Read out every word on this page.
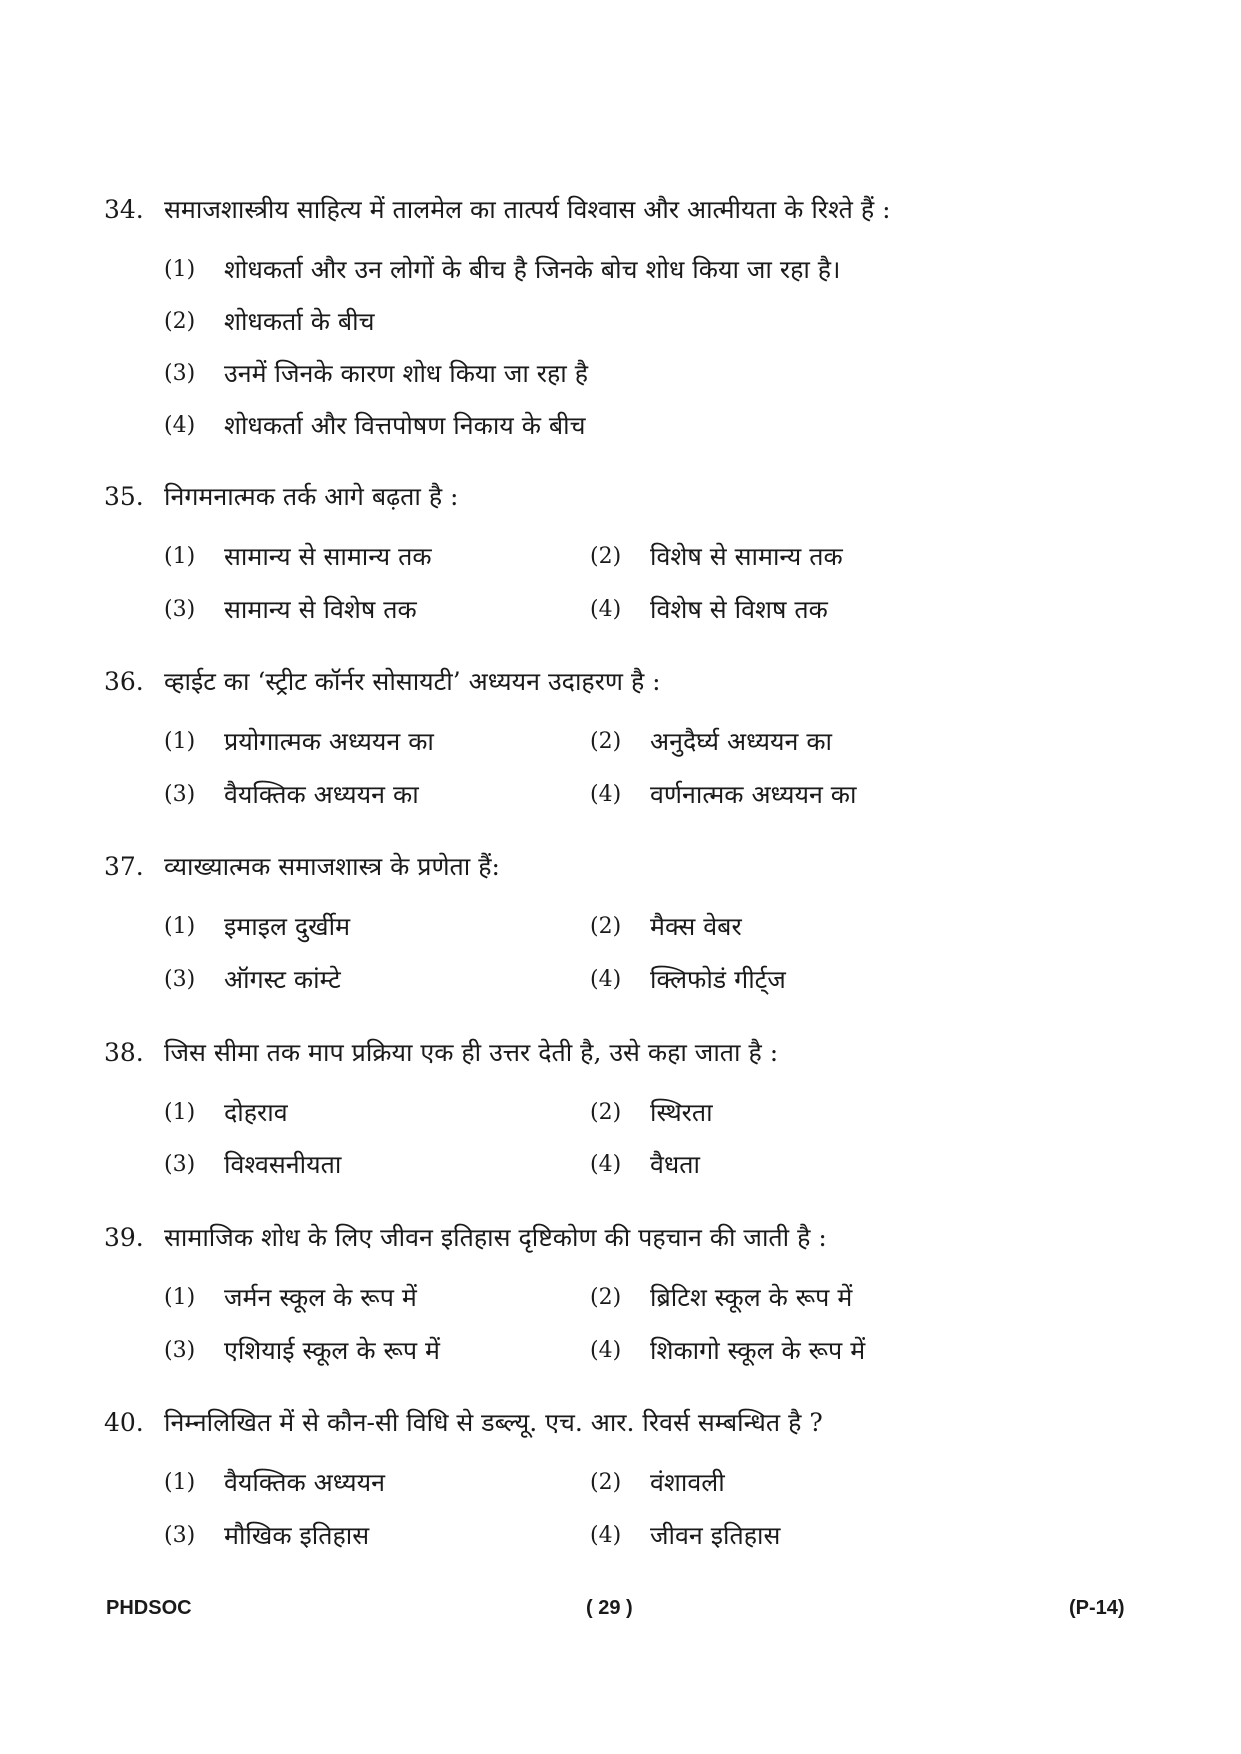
34. समाजशास्त्रीय साहित्य में तालमेल का तात्पर्य विश्वास और आत्मीयता के रिश्ते हैं :
(1) शोधकर्ता और उन लोगों के बीच है जिनके बोच शोध किया जा रहा है।
(2) शोधकर्ता के बीच
(3) उनमें जिनके कारण शोध किया जा रहा है
(4) शोधकर्ता और वित्तपोषण निकाय के बीच
35. निगमनात्मक तर्क आगे बढ़ता है :
(1) सामान्य से सामान्य तक	(2) विशेष से सामान्य तक
(3) सामान्य से विशेष तक	(4) विशेष से विशष तक
36. व्हाईट का ‘स्ट्रीट कॉर्नर सोसायटी’ अध्ययन उदाहरण है :
(1) प्रयोगात्मक अध्ययन का	(2) अनुदैर्घ्य अध्ययन का
(3) वैयक्तिक अध्ययन का	(4) वर्णनात्मक अध्ययन का
37. व्याख्यात्मक समाजशास्त्र के प्रणेता हैं:
(1) इमाइल दुर्खीम	(2) मैक्स वेबर
(3) ऑगस्ट कांम्टे	(4) क्लिफोडं गीर्ट्ज
38. जिस सीमा तक माप प्रक्रिया एक ही उत्तर देती है, उसे कहा जाता है :
(1) दोहराव	(2) स्थिरता
(3) विश्वसनीयता	(4) वैधता
39. सामाजिक शोध के लिए जीवन इतिहास दृष्टिकोण की पहचान की जाती है :
(1) जर्मन स्कूल के रूप में	(2) ब्रिटिश स्कूल के रूप में
(3) एशियाई स्कूल के रूप में	(4) शिकागो स्कूल के रूप में
40. निम्नलिखित में से कौन-सी विधि से डब्ल्यू. एच. आर. रिवर्स सम्बन्धित है ?
(1) वैयक्तिक अध्ययन	(2) वंशावली
(3) मौखिक इतिहास	(4) जीवन इतिहास
PHDSOC	( 29 )	(P-14)
